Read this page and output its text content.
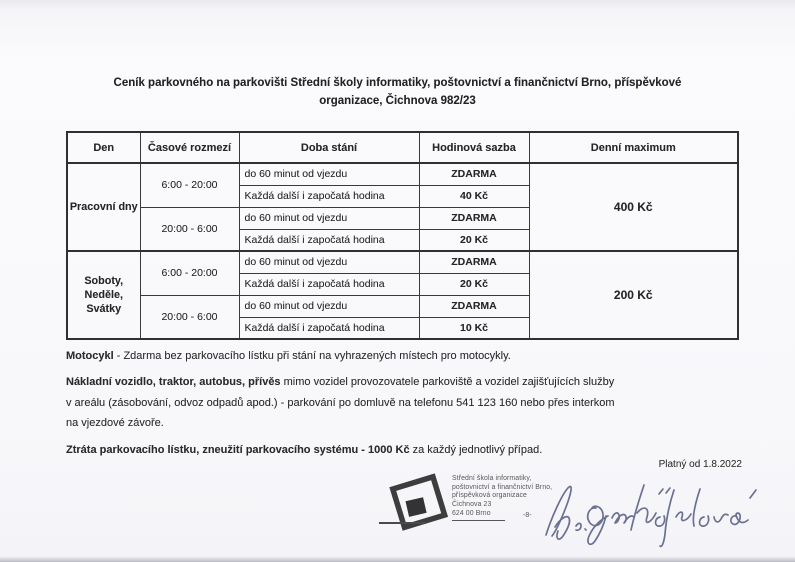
Ceník parkovného na parkovišti Střední školy informatiky, poštovnictví a finančnictví Brno, příspěvkové
organizace, Čichnova 982/23
Den	Časové rozmezí	Doba stání	Hodinová sazba	Denní maximum

Pracovní dny	6:00 - 20:00	do 60 minut od vjezdu	ZDARMA	400 Kč
		Každá další i započatá hodina	40 Kč	
	20:00 - 6:00	do 60 minut od vjezdu	ZDARMA	
		Každá další i započatá hodina	20 Kč	

Soboty,
Neděle,
Svátky	6:00 - 20:00	do 60 minut od vjezdu	ZDARMA	200 Kč
		Každá další i započatá hodina	20 Kč	
	20:00 - 6:00	do 60 minut od vjezdu	ZDARMA	
		Každá další i započatá hodina	10 Kč	
Motocykl - Zdarma bez parkovacího lístku při stání na vyhrazených místech pro motocykly.
Nákladní vozidlo, traktor, autobus, přívěs mimo vozidel provozovatele parkoviště a vozidel zajišťujících služby
v areálu (zásobování, odvoz odpadů apod.) - parkování po domluvě na telefonu 541 123 160 nebo přes interkom
na vjezdové závoře.
Ztráta parkovacího lístku, zneužití parkovacího systému - 1000 Kč za každý jednotlivý případ.
Platný od 1.8.2022
Střední škola informatiky,
poštovnictví a finančnictví Brno,
příspěvková organizace
Čichnova 23
624 00 Brno	-8-
